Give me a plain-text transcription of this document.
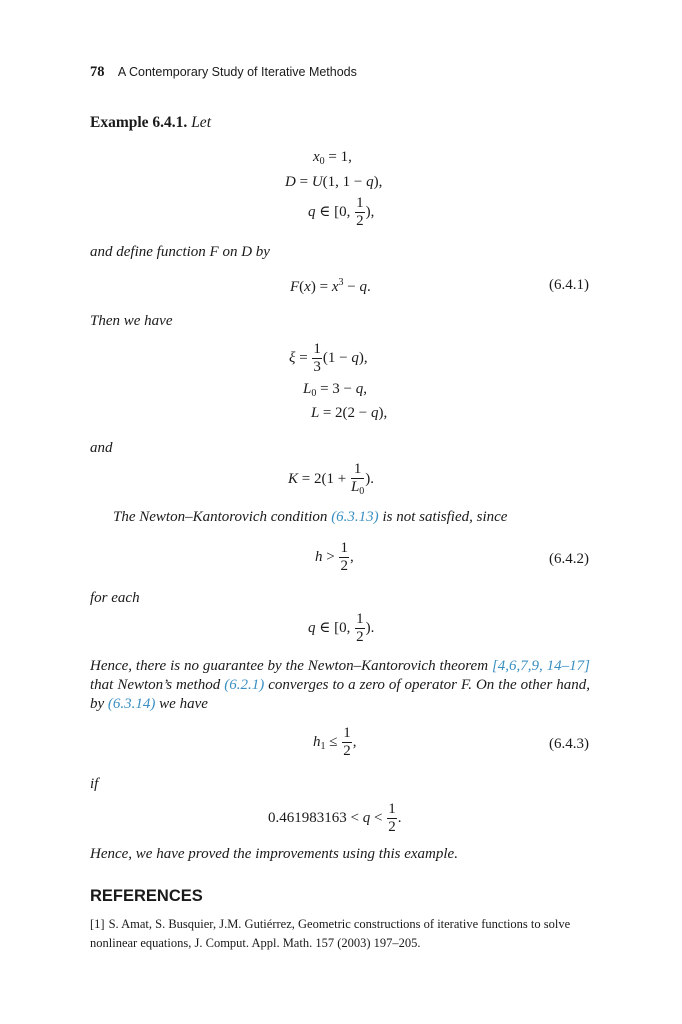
78 A Contemporary Study of Iterative Methods
Example 6.4.1. Let
$x_0 = 1$,
D = U(1, 1 − q),
q ∈ [0, $\frac{1}{2}$ ),
and define function F on D by
$F(x) = x^3 - q$.	(6.4.1)
Then we have
$\xi = \frac{1}{3} (1 - q)$,
$L_0 = 3 - q$,
L = 2(2 − q),
and
$K = 2(1 + \frac{1}{L_0}$ ).
The Newton–Kantorovich condition (6.3.13) is not satisfied, since
$h > \frac{1}{2}$ ,	(6.4.2)
for each
q ∈ [0, $\frac{1}{2}$ ).
Hence, there is no guarantee by the Newton–Kantorovich theorem [4,6,7,9, 14–17] that Newton’s method (6.2.1) converges to a zero of operator F. On the other hand, by (6.3.14) we have
$h_1 \le \frac{1}{2}$ ,	(6.4.3)
if
$0.461983163 < q < \frac{1}{2}$ .
Hence, we have proved the improvements using this example.
REFERENCES
[1] S. Amat, S. Busquier, J.M. Gutiérrez, Geometric constructions of iterative functions to solve nonlinear equations, J. Comput. Appl. Math. 157 (2003) 197–205.
